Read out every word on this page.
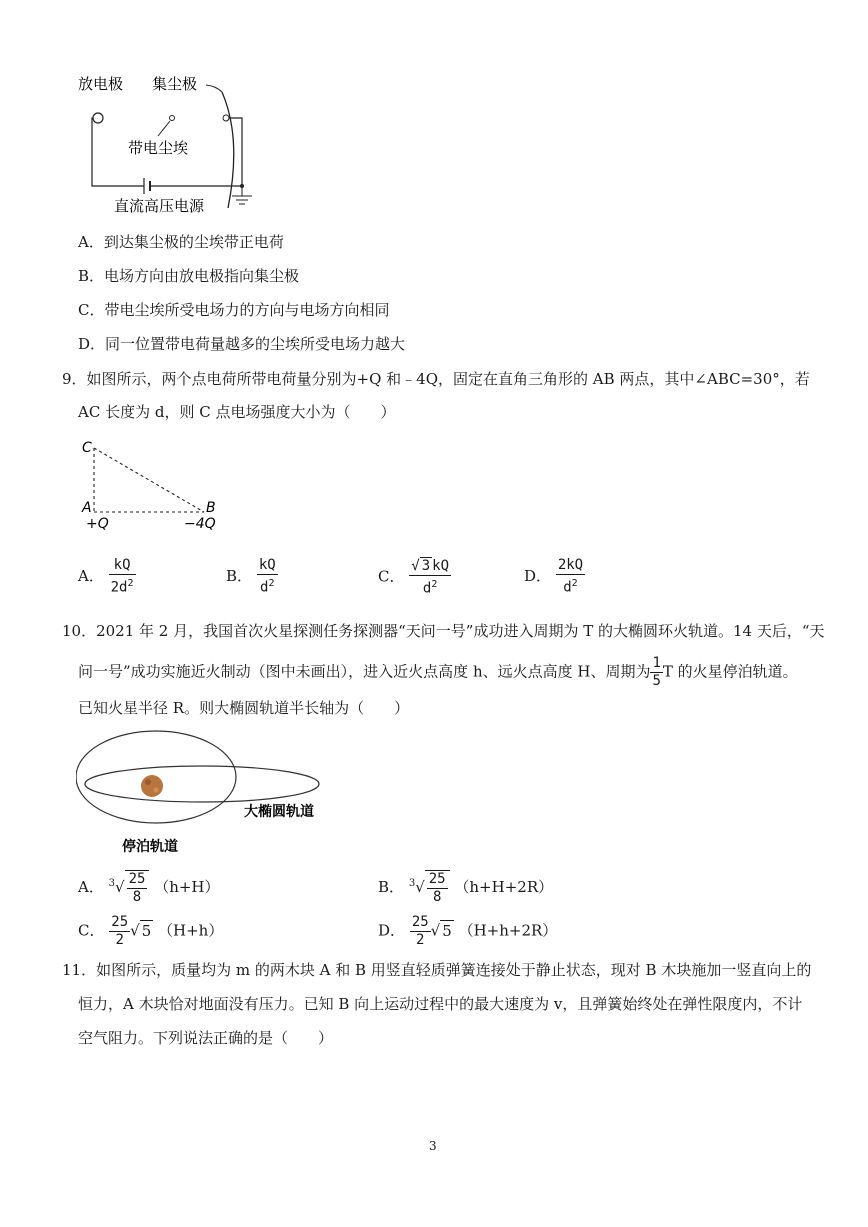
放电极 集尘极
带电尘埃
直流高压电源
A．到达集尘极的尘埃带正电荷
B．电场方向由放电极指向集尘极
C．带电尘埃所受电场力的方向与电场方向相同
D．同一位置带电荷量越多的尘埃所受电场力越大
9．如图所示，两个点电荷所带电荷量分别为+Q 和﹣4Q，固定在直角三角形的 AB 两点，其中∠ABC=30°，若
AC 长度为 d，则 C 点电场强度大小为（　　）
C
A	B
+Q	−4Q
A． $\frac{kQ}{2d^2}$	B． $\frac{kQ}{d^2}$	C． $\frac{√ 3 kQ}{d^2}$	D． $\frac{2kQ}{d^2}$
10．2021 年 2 月，我国首次火星探测任务探测器“天问一号”成功进入周期为 T 的大椭圆环火轨道。14 天后，“天
问一号”成功实施近火制动（图中未画出），进入近火点高度 h、远火点高度 H、周期为 $\frac{1}{5}$ T 的火星停泊轨道。
已知火星半径 R。则大椭圆轨道半长轴为（　　）
大椭圆轨道
停泊轨道
A． $^3√ \frac{25}{8} (h+H)$	B． $^3√ \frac{25}{8} (h+H+2R)$
C． $\frac{25}{2}$ √ 5 （H+h）	D． $\frac{25}{2}$ √ 5 （H+h+2R）
11．如图所示，质量均为 m 的两木块 A 和 B 用竖直轻质弹簧连接处于静止状态，现对 B 木块施加一竖直向上的
恒力，A 木块恰对地面没有压力。已知 B 向上运动过程中的最大速度为 v，且弹簧始终处在弹性限度内，不计
空气阻力。下列说法正确的是（　　）
3
